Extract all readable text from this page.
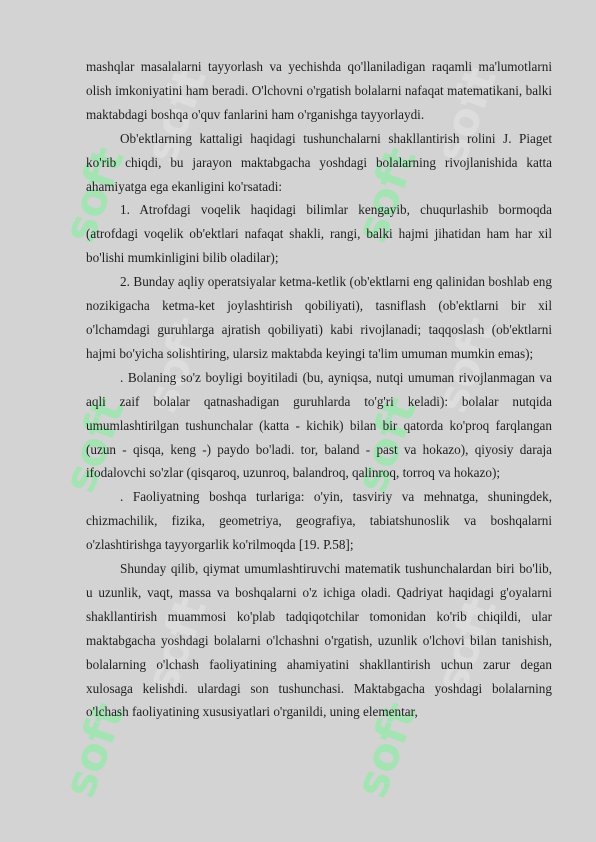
soft
soft
soft
soft
soft
soft
soft
soft
soft
soft
soft
soft

mashqlar masalalarni tayyorlash va yechishda qo'llaniladigan raqamli ma'lumotlarni olish imkoniyatini ham beradi. O'lchovni o'rgatish bolalarni nafaqat matematikani, balki maktabdagi boshqa o'quv fanlarini ham o'rganishga tayyorlaydi.

Ob'ektlarning kattaligi haqidagi tushunchalarni shakllantirish rolini J. Piaget ko'rib chiqdi, bu jarayon maktabgacha yoshdagi bolalarning rivojlanishida katta ahamiyatga ega ekanligini ko'rsatadi:

1. Atrofdagi voqelik haqidagi bilimlar kengayib, chuqurlashib bormoqda (atrofdagi voqelik ob'ektlari nafaqat shakli, rangi, balki hajmi jihatidan ham har xil bo'lishi mumkinligini bilib oladilar);

2. Bunday aqliy operatsiyalar ketma-ketlik (ob'ektlarni eng qalinidan boshlab eng nozikigacha ketma-ket joylashtirish qobiliyati), tasniflash (ob'ektlarni bir xil o'lchamdagi guruhlarga ajratish qobiliyati) kabi rivojlanadi; taqqoslash (ob'ektlarni hajmi bo'yicha solishtiring, ularsiz maktabda keyingi ta'lim umuman mumkin emas);

. Bolaning so'z boyligi boyitiladi (bu, ayniqsa, nutqi umuman rivojlanmagan va aqli zaif bolalar qatnashadigan guruhlarda to'g'ri keladi): bolalar nutqida umumlashtirilgan tushunchalar (katta - kichik) bilan bir qatorda ko'proq farqlangan (uzun - qisqa, keng -) paydo bo'ladi. tor, baland - past va hokazo), qiyosiy daraja ifodalovchi so'zlar (qisqaroq, uzunroq, balandroq, qalinroq, torroq va hokazo);

. Faoliyatning boshqa turlariga: o'yin, tasviriy va mehnatga, shuningdek, chizmachilik, fizika, geometriya, geografiya, tabiatshunoslik va boshqalarni o'zlashtirishga tayyorgarlik ko'rilmoqda [19. P.58];

Shunday qilib, qiymat umumlashtiruvchi matematik tushunchalardan biri bo'lib, u uzunlik, vaqt, massa va boshqalarni o'z ichiga oladi. Qadriyat haqidagi g'oyalarni shakllantirish muammosi ko'plab tadqiqotchilar tomonidan ko'rib chiqildi, ular maktabgacha yoshdagi bolalarni o'lchashni o'rgatish, uzunlik o'lchovi bilan tanishish, bolalarning o'lchash faoliyatining ahamiyatini shakllantirish uchun zarur degan xulosaga kelishdi. ulardagi son tushunchasi. Maktabgacha yoshdagi bolalarning o'lchash faoliyatining xususiyatlari o'rganildi, uning elementar,
